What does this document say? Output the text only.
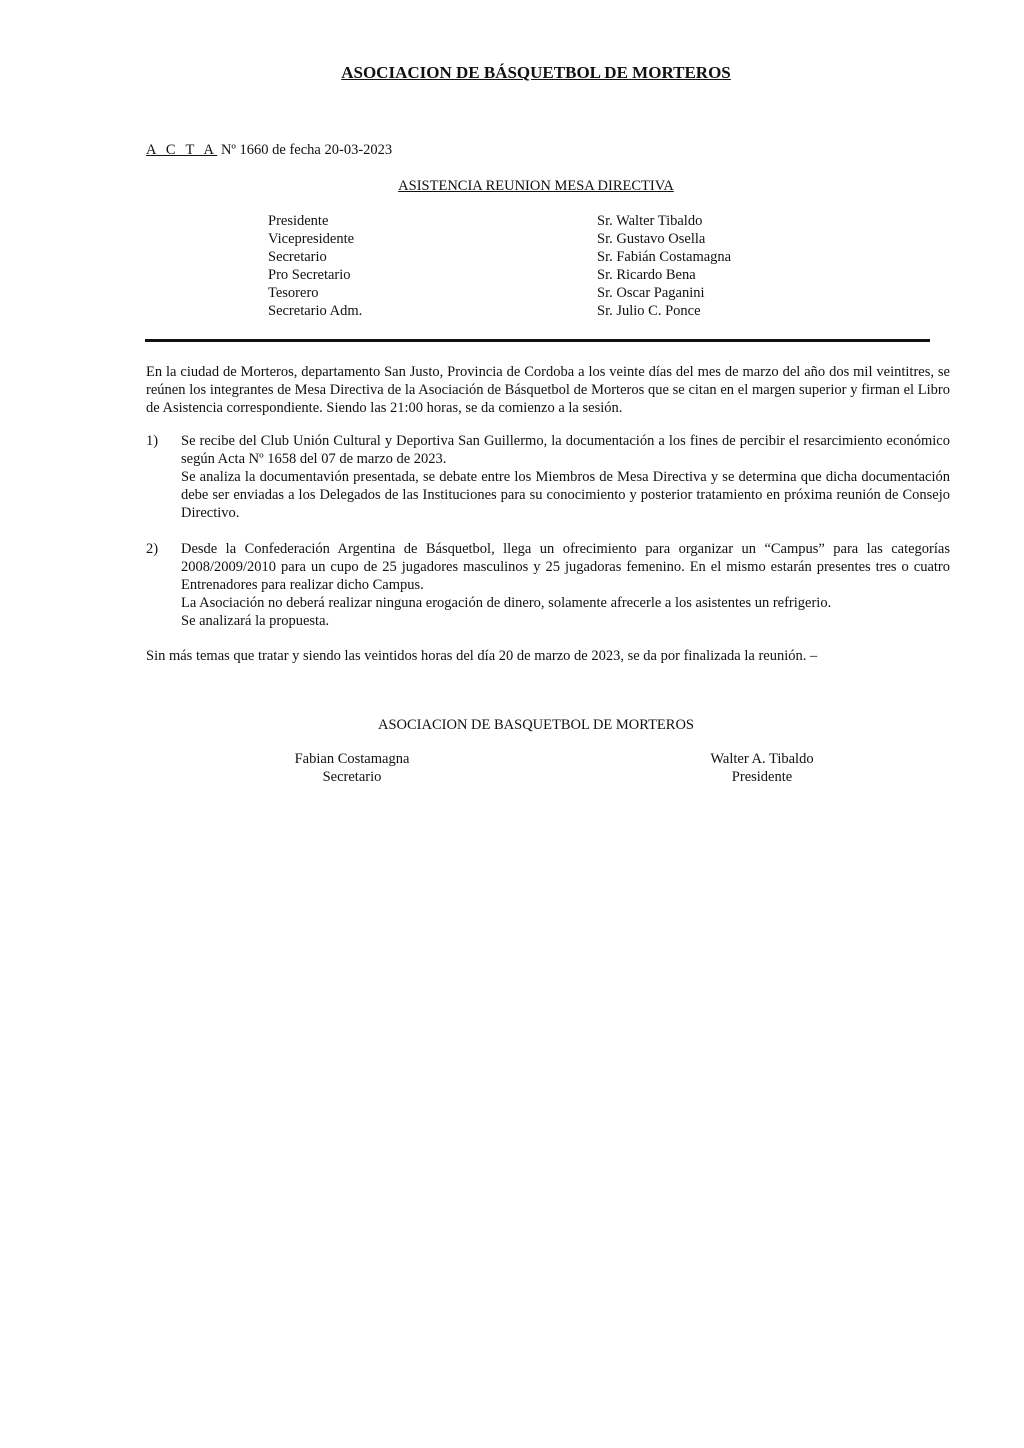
ASOCIACION DE BÁSQUETBOL DE MORTEROS
A C T A Nº 1660 de fecha 20-03-2023
ASISTENCIA REUNION MESA DIRECTIVA
Presidente	Sr. Walter Tibaldo
Vicepresidente	Sr. Gustavo Osella
Secretario	Sr. Fabián Costamagna
Pro Secretario	Sr. Ricardo Bena
Tesorero	Sr. Oscar Paganini
Secretario Adm.	Sr. Julio C. Ponce
En la ciudad de Morteros, departamento San Justo, Provincia de Cordoba a los veinte días del mes de marzo del año dos mil veintitres, se reúnen los integrantes de Mesa Directiva de la Asociación de Básquetbol de Morteros que se citan en el margen superior y firman el Libro de Asistencia correspondiente. Siendo las 21:00 horas, se da comienzo a la sesión.
1) Se recibe del Club Unión Cultural y Deportiva San Guillermo, la documentación a los fines de percibir el resarcimiento económico según Acta Nº 1658 del 07 de marzo de 2023.
Se analiza la documentavión presentada, se debate entre los Miembros de Mesa Directiva y se determina que dicha documentación debe ser enviadas a los Delegados de las Instituciones para su conocimiento y posterior tratamiento en próxima reunión de Consejo Directivo.
2) Desde la Confederación Argentina de Básquetbol, llega un ofrecimiento para organizar un “Campus” para las categorías 2008/2009/2010 para un cupo de 25 jugadores masculinos y 25 jugadoras femenino. En el mismo estarán presentes tres o cuatro Entrenadores para realizar dicho Campus.
La Asociación no deberá realizar ninguna erogación de dinero, solamente afrecerle a los asistentes un refrigerio.
Se analizará la propuesta.
Sin más temas que tratar y siendo las veintidos horas del día 20 de marzo de 2023, se da por finalizada la reunión. –
ASOCIACION DE BASQUETBOL DE MORTEROS
Fabian Costamagna
Secretario
Walter A. Tibaldo
Presidente
